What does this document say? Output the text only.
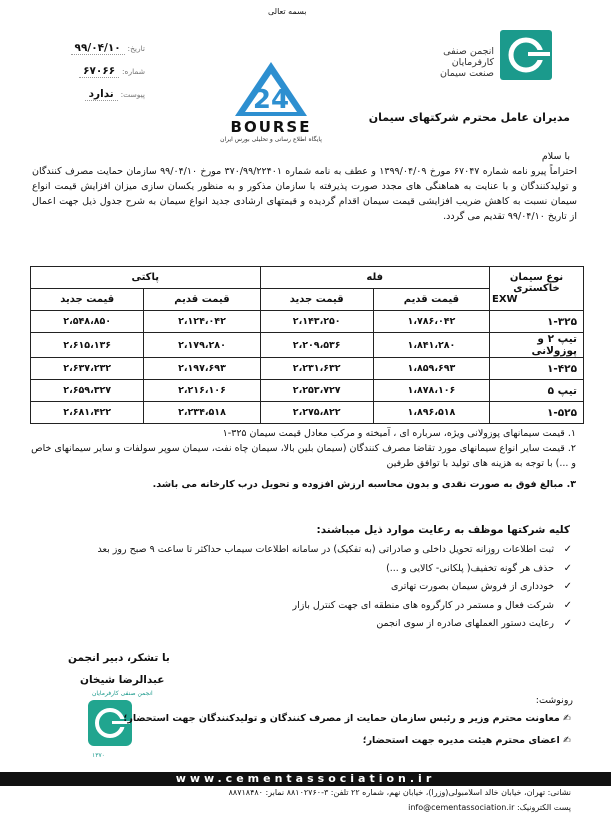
بسمه تعالی
تاریخ: ۹۹/۰۴/۱۰
شماره: ۶۷۰۶۶
پیوست: ندارد
انجمن صنفی
کارفرمایان
صنعت سیمان
24
BOURSE
پایگاه اطلاع رسانی و تحلیلی بورس ایران
مدیران عامل محترم شرکتهای سیمان
با سلام
احتراماً پیرو نامه شماره ۶۷۰۴۷ مورخ ۱۳۹۹/۰۴/۰۹ و عطف به نامه شماره ۳۷۰/۹۹/۲۲۴۰۱ مورخ ۹۹/۰۴/۱۰ سازمان حمایت مصرف کنندگان و تولیدکنندگان و با عنایت به هماهنگی های مجدد صورت پذیرفته با سازمان مذکور و به منظور یکسان سازی میزان افزایش قیمت انواع سیمان نسبت به کاهش ضریب افزایشی قیمت سیمان اقدام گردیده و قیمتهای ارشادی جدید انواع سیمان به شرح جدول ذیل جهت اعمال از تاریخ ۹۹/۰۴/۱۰ تقدیم می گردد.
نوع سیمان خاکستری
EXW	فله		پاکتی	
	قیمت قدیم	قیمت جدید	قیمت قدیم	قیمت جدید
۱-۳۲۵	۱،۷۸۶،۰۴۲	۲،۱۴۳،۲۵۰	۲،۱۲۴،۰۴۲	۲،۵۴۸،۸۵۰
تیپ ۲ و پوزولانی	۱،۸۴۱،۲۸۰	۲،۲۰۹،۵۳۶	۲،۱۷۹،۲۸۰	۲،۶۱۵،۱۳۶
۱-۴۲۵	۱،۸۵۹،۶۹۳	۲،۲۳۱،۶۳۲	۲،۱۹۷،۶۹۳	۲،۶۳۷،۲۳۲
تیپ ۵	۱،۸۷۸،۱۰۶	۲،۲۵۳،۷۲۷	۲،۲۱۶،۱۰۶	۲،۶۵۹،۳۲۷
۱-۵۲۵	۱،۸۹۶،۵۱۸	۲،۲۷۵،۸۲۲	۲،۲۳۴،۵۱۸	۲،۶۸۱،۴۲۲
۱. قیمت سیمانهای پوزولانی ویژه، سرباره ای ، آمیخته و مرکب معادل قیمت سیمان ۳۲۵-۱
۲. قیمت سایر انواع سیمانهای مورد تقاضا مصرف کنندگان (سیمان بلین بالا، سیمان چاه نفت، سیمان سوپر سولفات و سایر سیمانهای خاص و ...) با توجه به هزینه های تولید با توافق طرفین
۳. مبالغ فوق به صورت نقدی و بدون محاسبه ارزش افزوده و تحویل درب کارخانه می باشد.
کلیه شرکتها موظف به رعایت موارد ذیل میباشند:
✓ثبت اطلاعات روزانه تحویل داخلی و صادراتی (به تفکیک) در سامانه اطلاعات سیماب حداکثر تا ساعت ۹ صبح روز بعد
✓حذف هر گونه تخفیف( پلکانی- کالایی و ...)
✓خودداری از فروش سیمان بصورت تهاتری
✓شرکت فعال و مستمر در کارگروه های منطقه ای جهت کنترل بازار
✓رعایت دستور العملهای صادره از سوی انجمن
با تشکر، دبیر انجمن
عبدالرضا شیخان
انجمن صنفی کارفرمایان
۱۳۷۰
رونوشت:
✍ معاونت محترم وزیر و رئیس سازمان حمایت از مصرف کنندگان و تولیدکنندگان جهت استحضار؛
✍ اعضای محترم هیئت مدیره جهت استحضار؛
www.cementassociation.ir
نشانی: تهران، خیابان خالد اسلامبولی(وزرا)، خیابان نهم، شماره ۲۲ تلفن: ۳-۸۸۱۰۲۷۶۰ نمابر: ۸۸۷۱۸۴۸۰
پست الکترونیک: info@cementassociation.ir
